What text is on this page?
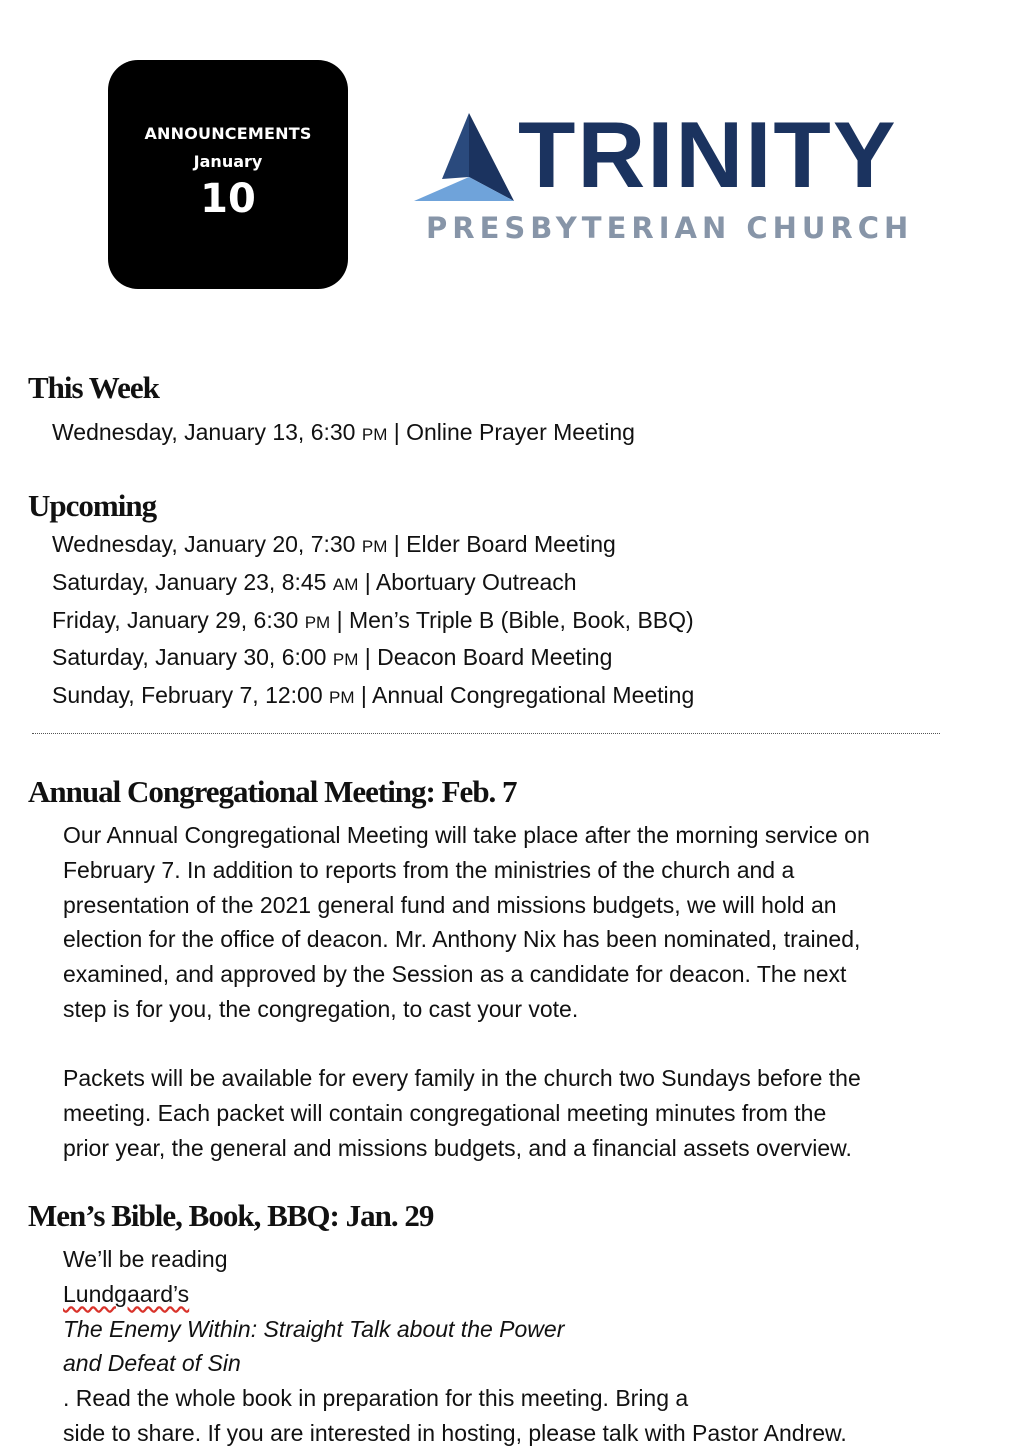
ANNOUNCEMENTS
January
10	TRINITY
PRESBYTERIAN CHURCH
This Week
Wednesday, January 13, 6:30 PM | Online Prayer Meeting
Upcoming
Wednesday, January 20, 7:30 PM | Elder Board Meeting
Saturday, January 23, 8:45 AM | Abortuary Outreach
Friday, January 29, 6:30 PM | Men’s Triple B (Bible, Book, BBQ)
Saturday, January 30, 6:00 PM | Deacon Board Meeting
Sunday, February 7, 12:00 PM | Annual Congregational Meeting
Annual Congregational Meeting: Feb. 7
Our Annual Congregational Meeting will take place after the morning service on
February 7. In addition to reports from the ministries of the church and a
presentation of the 2021 general fund and missions budgets, we will hold an
election for the office of deacon. Mr. Anthony Nix has been nominated, trained,
examined, and approved by the Session as a candidate for deacon. The next
step is for you, the congregation, to cast your vote.
Packets will be available for every family in the church two Sundays before the
meeting. Each packet will contain congregational meeting minutes from the
prior year, the general and missions budgets, and a financial assets overview.
Men’s Bible, Book, BBQ: Jan. 29
We’ll be reading
Lundgaard’s
The Enemy Within: Straight Talk about the Power
and Defeat of Sin
. Read the whole book in preparation for this meeting. Bring a
side to share. If you are interested in hosting, please talk with Pastor Andrew.
